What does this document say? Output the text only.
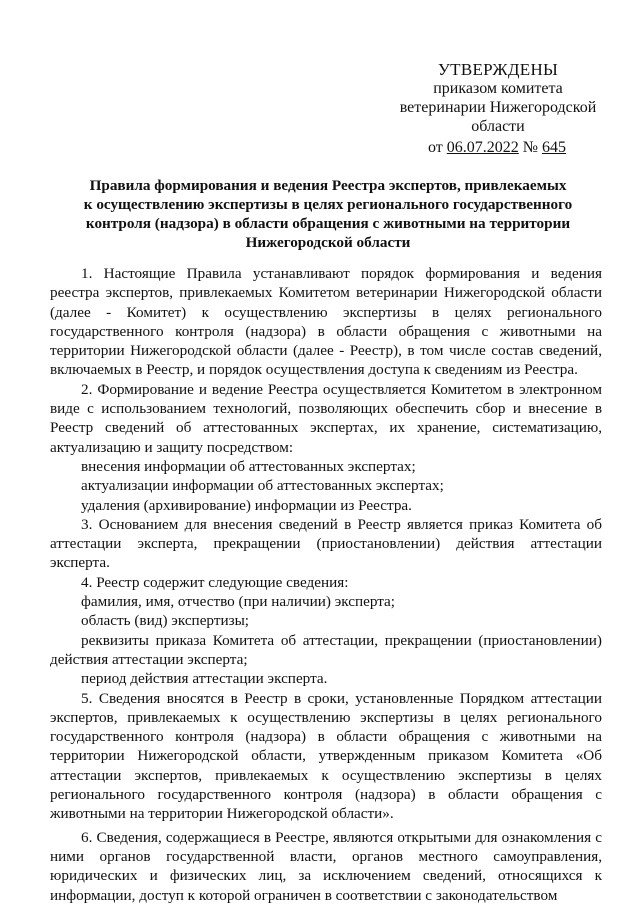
УТВЕРЖДЕНЫ
приказом комитета
ветеринарии Нижегородской
области
от 06.07.2022 № 645
Правила формирования и ведения Реестра экспертов, привлекаемых
к осуществлению экспертизы в целях регионального государственного
контроля (надзора) в области обращения с животными на территории
Нижегородской области

1. Настоящие Правила устанавливают порядок формирования и ведения реестра экспертов, привлекаемых Комитетом ветеринарии Нижегородской области (далее - Комитет) к осуществлению экспертизы в целях регионального государственного контроля (надзора) в области обращения с животными на территории Нижегородской области (далее - Реестр), в том числе состав сведений, включаемых в Реестр, и порядок осуществления доступа к сведениям из Реестра.

2. Формирование и ведение Реестра осуществляется Комитетом в электронном виде с использованием технологий, позволяющих обеспечить сбор и внесение в Реестр сведений об аттестованных экспертах, их хранение, систематизацию, актуализацию и защиту посредством:

внесения информации об аттестованных экспертах;

актуализации информации об аттестованных экспертах;

удаления (архивирование) информации из Реестра.

3. Основанием для внесения сведений в Реестр является приказ Комитета об аттестации эксперта, прекращении (приостановлении) действия аттестации эксперта.

4. Реестр содержит следующие сведения:

фамилия, имя, отчество (при наличии) эксперта;

область (вид) экспертизы;

реквизиты приказа Комитета об аттестации, прекращении (приостановлении) действия аттестации эксперта;

период действия аттестации эксперта.

5. Сведения вносятся в Реестр в сроки, установленные Порядком аттестации экспертов, привлекаемых к осуществлению экспертизы в целях регионального государственного контроля (надзора) в области обращения с животными на территории Нижегородской области, утвержденным приказом Комитета «Об аттестации экспертов, привлекаемых к осуществлению экспертизы в целях регионального государственного контроля (надзора) в области обращения с животными на территории Нижегородской области».

6. Сведения, содержащиеся в Реестре, являются открытыми для ознакомления с ними органов государственной власти, органов местного самоуправления, юридических и физических лиц, за исключением сведений, относящихся к информации, доступ к которой ограничен в соответствии с законодательством
